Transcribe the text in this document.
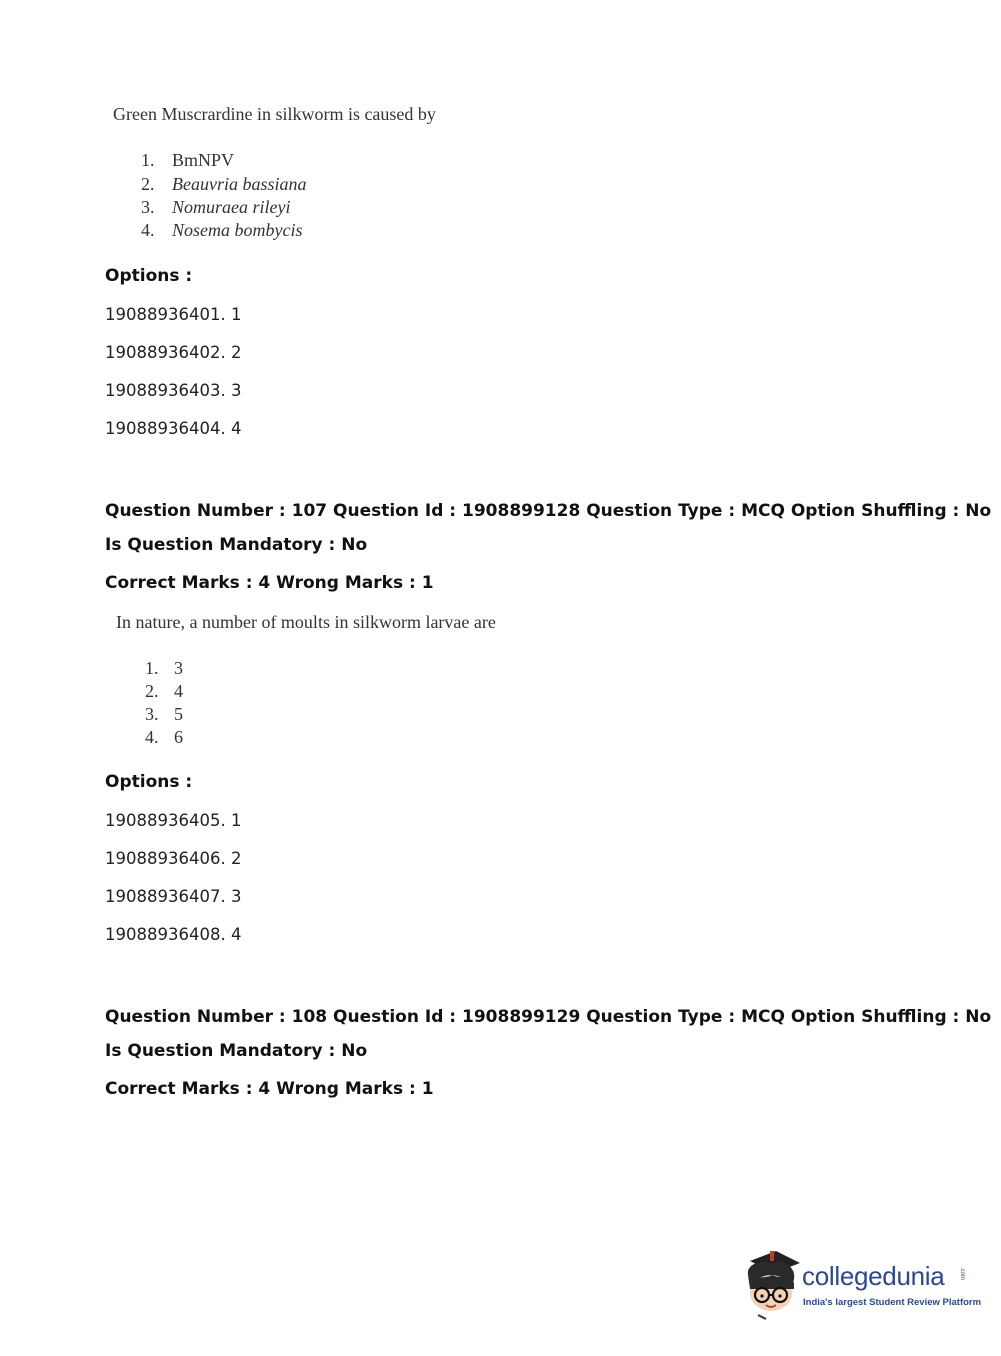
Green Muscrardine in silkworm is caused by
1. BmNPV
2. Beauvria bassiana
3. Nomuraea rileyi
4. Nosema bombycis
Options :
19088936401. 1
19088936402. 2
19088936403. 3
19088936404. 4
Question Number : 107 Question Id : 1908899128 Question Type : MCQ Option Shuffling : No
Is Question Mandatory : No
Correct Marks : 4 Wrong Marks : 1
In nature, a number of moults in silkworm larvae are
1. 3
2. 4
3. 5
4. 6
Options :
19088936405. 1
19088936406. 2
19088936407. 3
19088936408. 4
Question Number : 108 Question Id : 1908899129 Question Type : MCQ Option Shuffling : No
Is Question Mandatory : No
Correct Marks : 4 Wrong Marks : 1
collegedunia .com
India's largest Student Review Platform
